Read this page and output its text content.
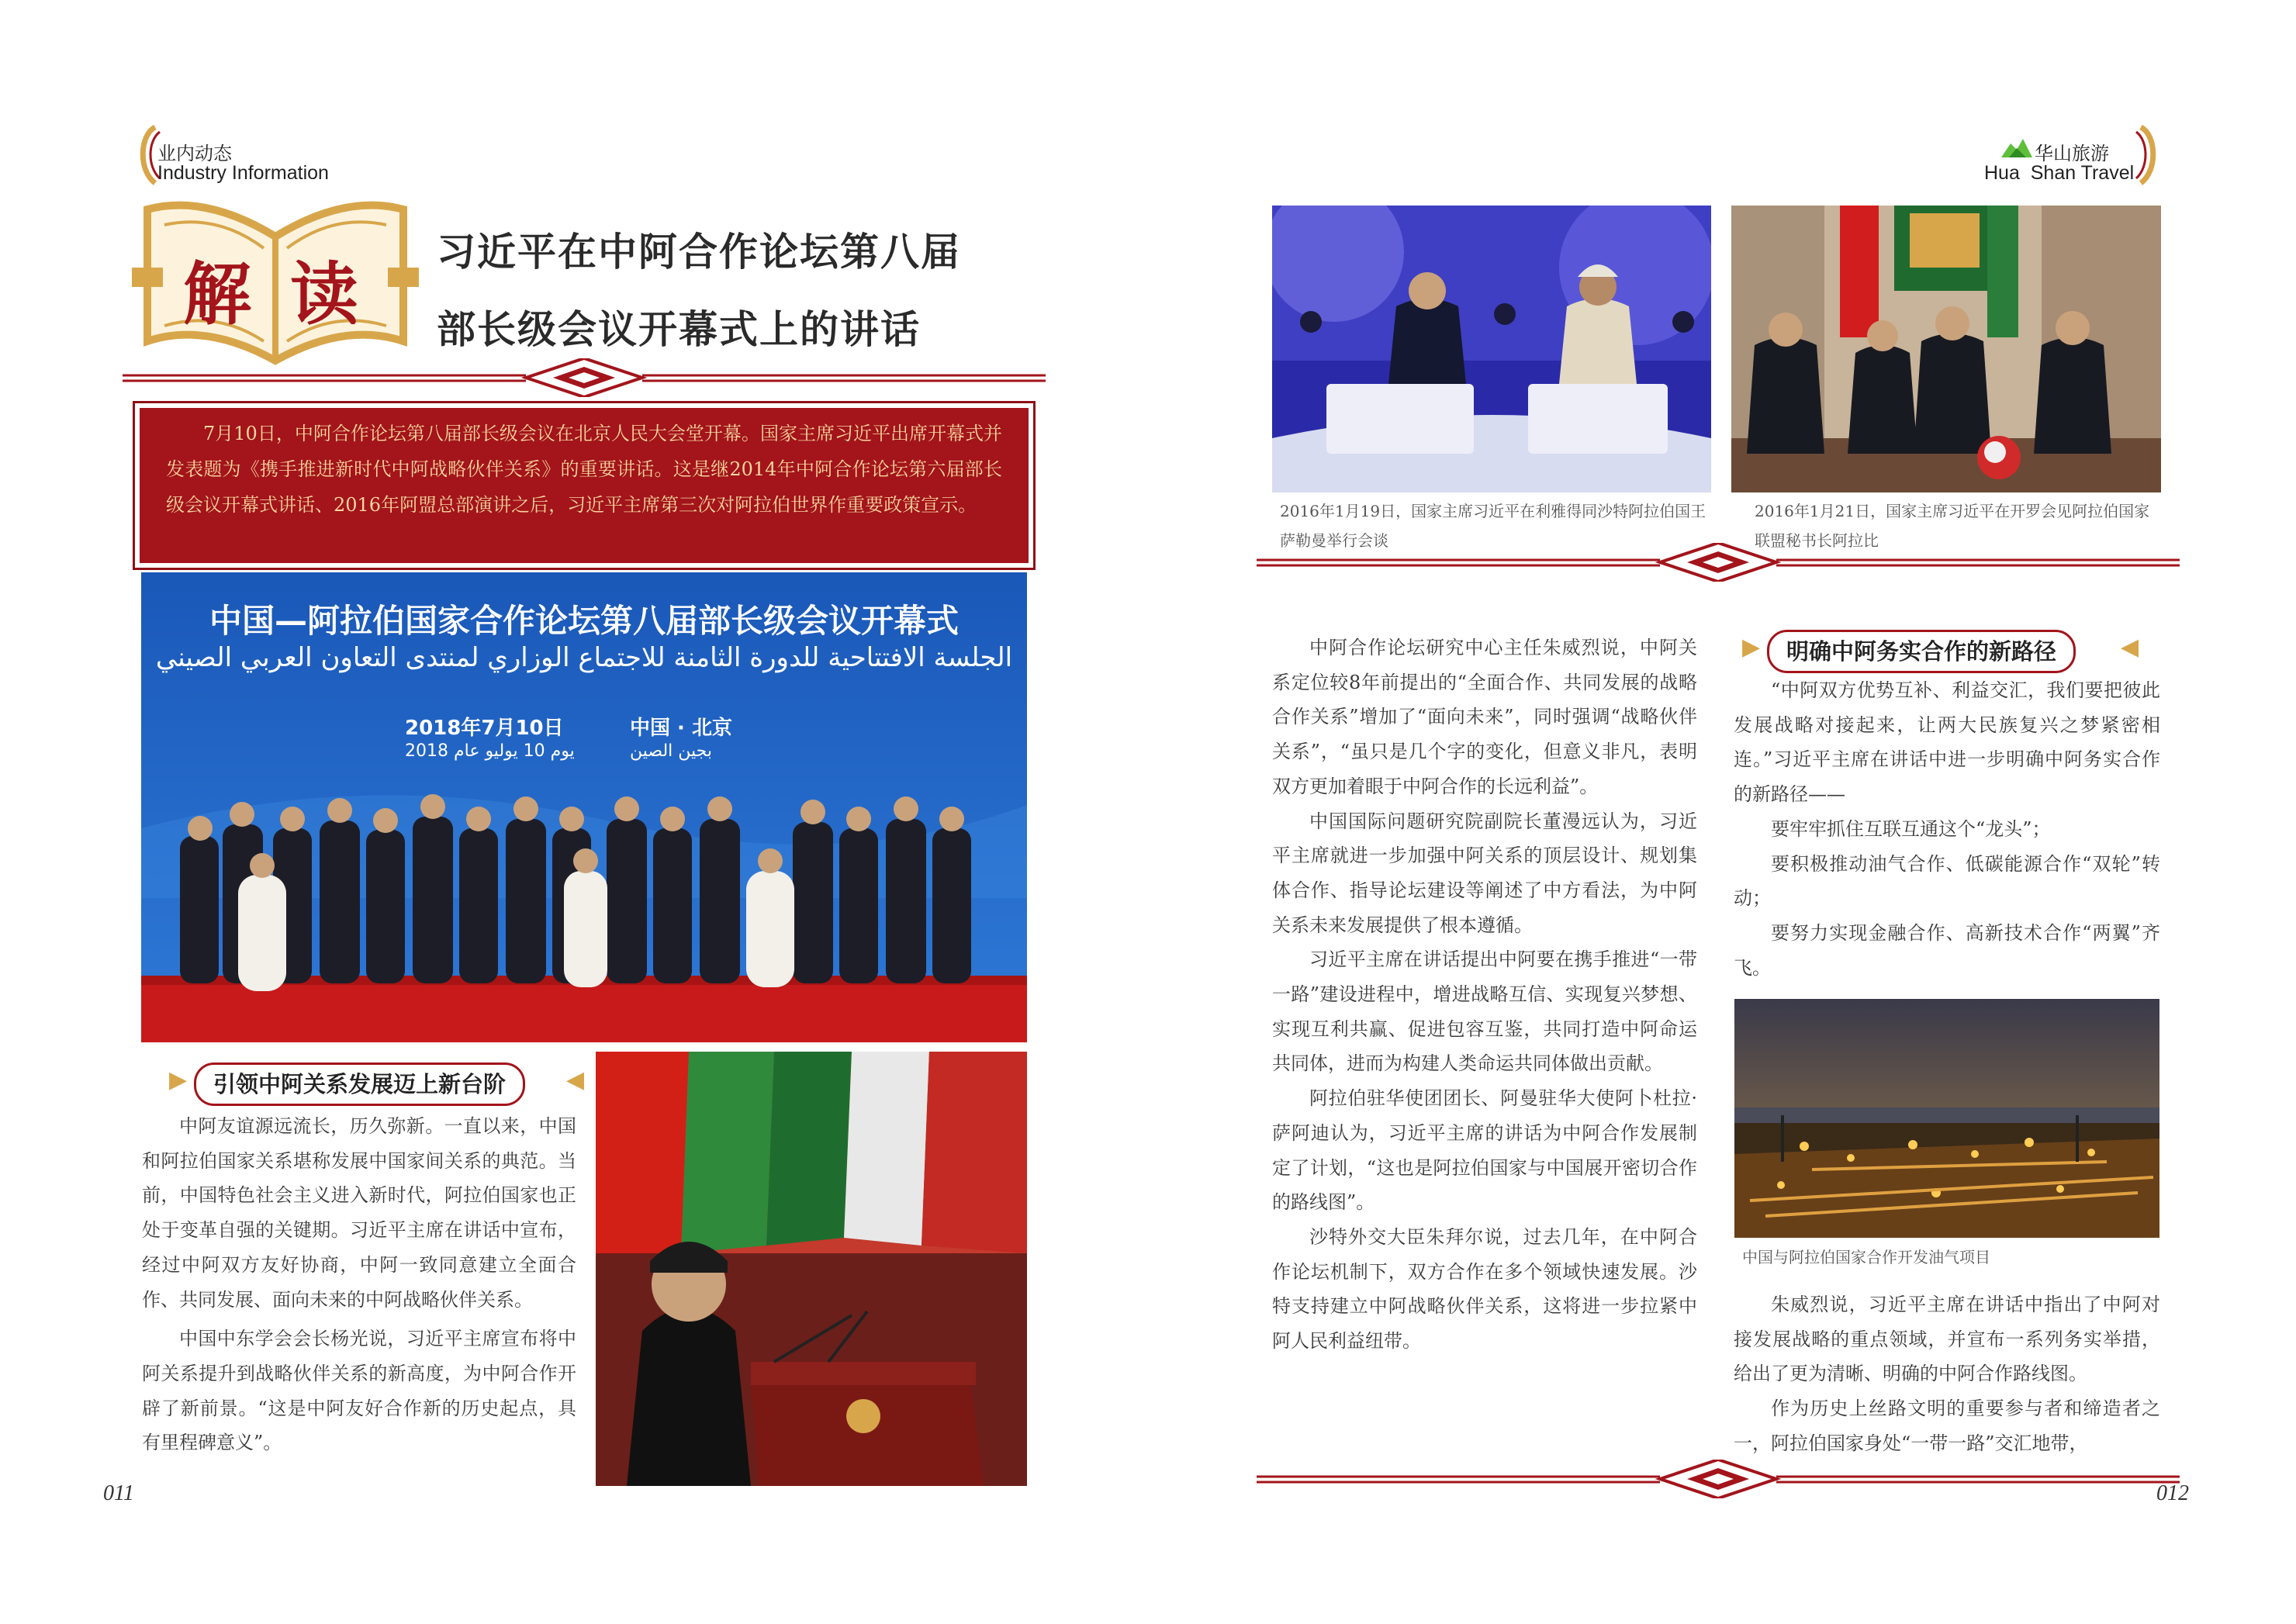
业内动态
Industry Information
解 读
习近平在中阿合作论坛第八届
部长级会议开幕式上的讲话

7月10日，中阿合作论坛第八届部长级会议在北京人民大会堂开幕。国家主席习近平出席开幕式并发表题为《携手推进新时代中阿战略伙伴关系》的重要讲话。这是继2014年中阿合作论坛第六届部长级会议开幕式讲话、2016年阿盟总部演讲之后，习近平主席第三次对阿拉伯世界作重要政策宣示。

中国—阿拉伯国家合作论坛第八届部长级会议开幕式
الجلسة الافتتاحية للدورة الثامنة للاجتماع الوزاري لمنتدى التعاون العربي الصيني
2018年7月10日
يوم 10 يوليو عام 2018
中国 · 北京
بجين الصين
▶	引领中阿关系发展迈上新台阶	◀

中阿友谊源远流长，历久弥新。一直以来，中国和阿拉伯国家关系堪称发展中国家间关系的典范。当前，中国特色社会主义进入新时代，阿拉伯国家也正处于变革自强的关键期。习近平主席在讲话中宣布，经过中阿双方友好协商，中阿一致同意建立全面合作、共同发展、面向未来的中阿战略伙伴关系。

中国中东学会会长杨光说，习近平主席宣布将中阿关系提升到战略伙伴关系的新高度，为中阿合作开辟了新前景。“这是中阿友好合作新的历史起点，具有里程碑意义”。

011
华山旅游
Hua  Shan Travel
2016年1月19日，国家主席习近平在利雅得同沙特阿拉伯国王萨勒曼举行会谈
2016年1月21日，国家主席习近平在开罗会见阿拉伯国家联盟秘书长阿拉比

中阿合作论坛研究中心主任朱威烈说，中阿关系定位较8年前提出的“全面合作、共同发展的战略合作关系”增加了“面向未来”，同时强调“战略伙伴关系”，“虽只是几个字的变化，但意义非凡，表明双方更加着眼于中阿合作的长远利益”。

中国国际问题研究院副院长董漫远认为，习近平主席就进一步加强中阿关系的顶层设计、规划集体合作、指导论坛建设等阐述了中方看法，为中阿关系未来发展提供了根本遵循。

习近平主席在讲话提出中阿要在携手推进“一带一路”建设进程中，增进战略互信、实现复兴梦想、实现互利共赢、促进包容互鉴，共同打造中阿命运共同体，进而为构建人类命运共同体做出贡献。

阿拉伯驻华使团团长、阿曼驻华大使阿卜杜拉·萨阿迪认为，习近平主席的讲话为中阿合作发展制定了计划，“这也是阿拉伯国家与中国展开密切合作的路线图”。

沙特外交大臣朱拜尔说，过去几年，在中阿合作论坛机制下，双方合作在多个领域快速发展。沙特支持建立中阿战略伙伴关系，这将进一步拉紧中阿人民利益纽带。

▶	明确中阿务实合作的新路径	◀

“中阿双方优势互补、利益交汇，我们要把彼此发展战略对接起来，让两大民族复兴之梦紧密相连。”习近平主席在讲话中进一步明确中阿务实合作的新路径——

要牢牢抓住互联互通这个“龙头”；

要积极推动油气合作、低碳能源合作“双轮”转动；

要努力实现金融合作、高新技术合作“两翼”齐飞。

中国与阿拉伯国家合作开发油气项目

朱威烈说，习近平主席在讲话中指出了中阿对接发展战略的重点领域，并宣布一系列务实举措，给出了更为清晰、明确的中阿合作路线图。

作为历史上丝路文明的重要参与者和缔造者之一，阿拉伯国家身处“一带一路”交汇地带，

012
